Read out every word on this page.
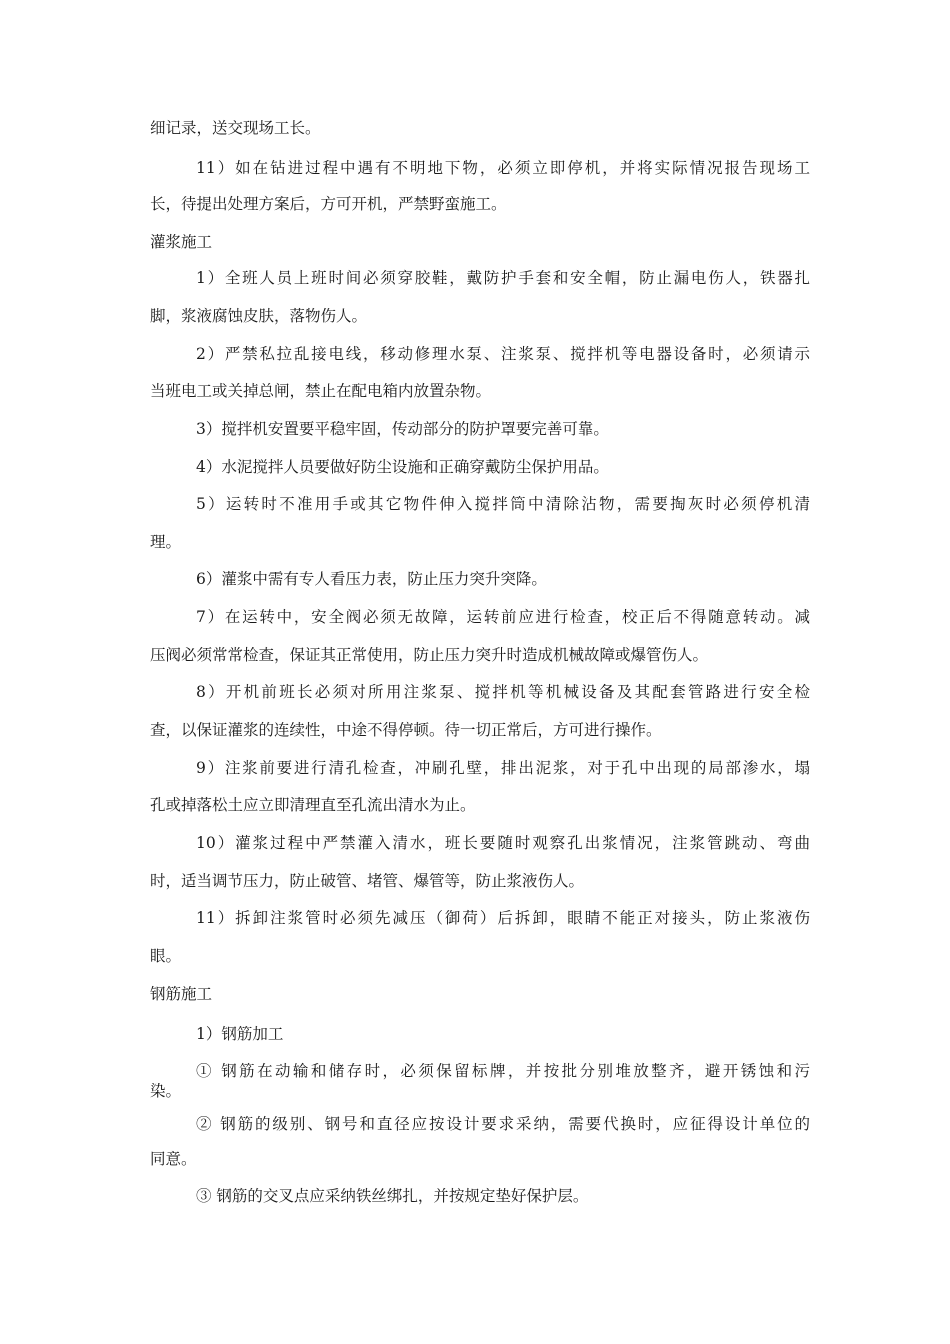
细记录，送交现场工长。
11）如在钻进过程中遇有不明地下物，必须立即停机，并将实际情况报告现场工
长，待提出处理方案后，方可开机，严禁野蛮施工。
灌浆施工
1）全班人员上班时间必须穿胶鞋，戴防护手套和安全帽，防止漏电伤人，铁器扎
脚，浆液腐蚀皮肤，落物伤人。
2）严禁私拉乱接电线，移动修理水泵、注浆泵、搅拌机等电器设备时，必须请示
当班电工或关掉总闸，禁止在配电箱内放置杂物。
3）搅拌机安置要平稳牢固，传动部分的防护罩要完善可靠。
4）水泥搅拌人员要做好防尘设施和正确穿戴防尘保护用品。
5）运转时不准用手或其它物件伸入搅拌筒中清除沾物，需要掏灰时必须停机清
理。
6）灌浆中需有专人看压力表，防止压力突升突降。
7）在运转中，安全阀必须无故障，运转前应进行检查，校正后不得随意转动。减
压阀必须常常检查，保证其正常使用，防止压力突升时造成机械故障或爆管伤人。
8）开机前班长必须对所用注浆泵、搅拌机等机械设备及其配套管路进行安全检
查，以保证灌浆的连续性，中途不得停顿。待一切正常后，方可进行操作。
9）注浆前要进行清孔检查，冲刷孔壁，排出泥浆，对于孔中出现的局部渗水，塌
孔或掉落松土应立即清理直至孔流出清水为止。
10）灌浆过程中严禁灌入清水，班长要随时观察孔出浆情况，注浆管跳动、弯曲
时，适当调节压力，防止破管、堵管、爆管等，防止浆液伤人。
11）拆卸注浆管时必须先减压（御荷）后拆卸，眼睛不能正对接头，防止浆液伤
眼。
钢筋施工
1）钢筋加工
① 钢筋在动输和储存时，必须保留标牌，并按批分别堆放整齐，避开锈蚀和污
染。
② 钢筋的级别、钢号和直径应按设计要求采纳，需要代换时，应征得设计单位的
同意。
③ 钢筋的交叉点应采纳铁丝绑扎，并按规定垫好保护层。
